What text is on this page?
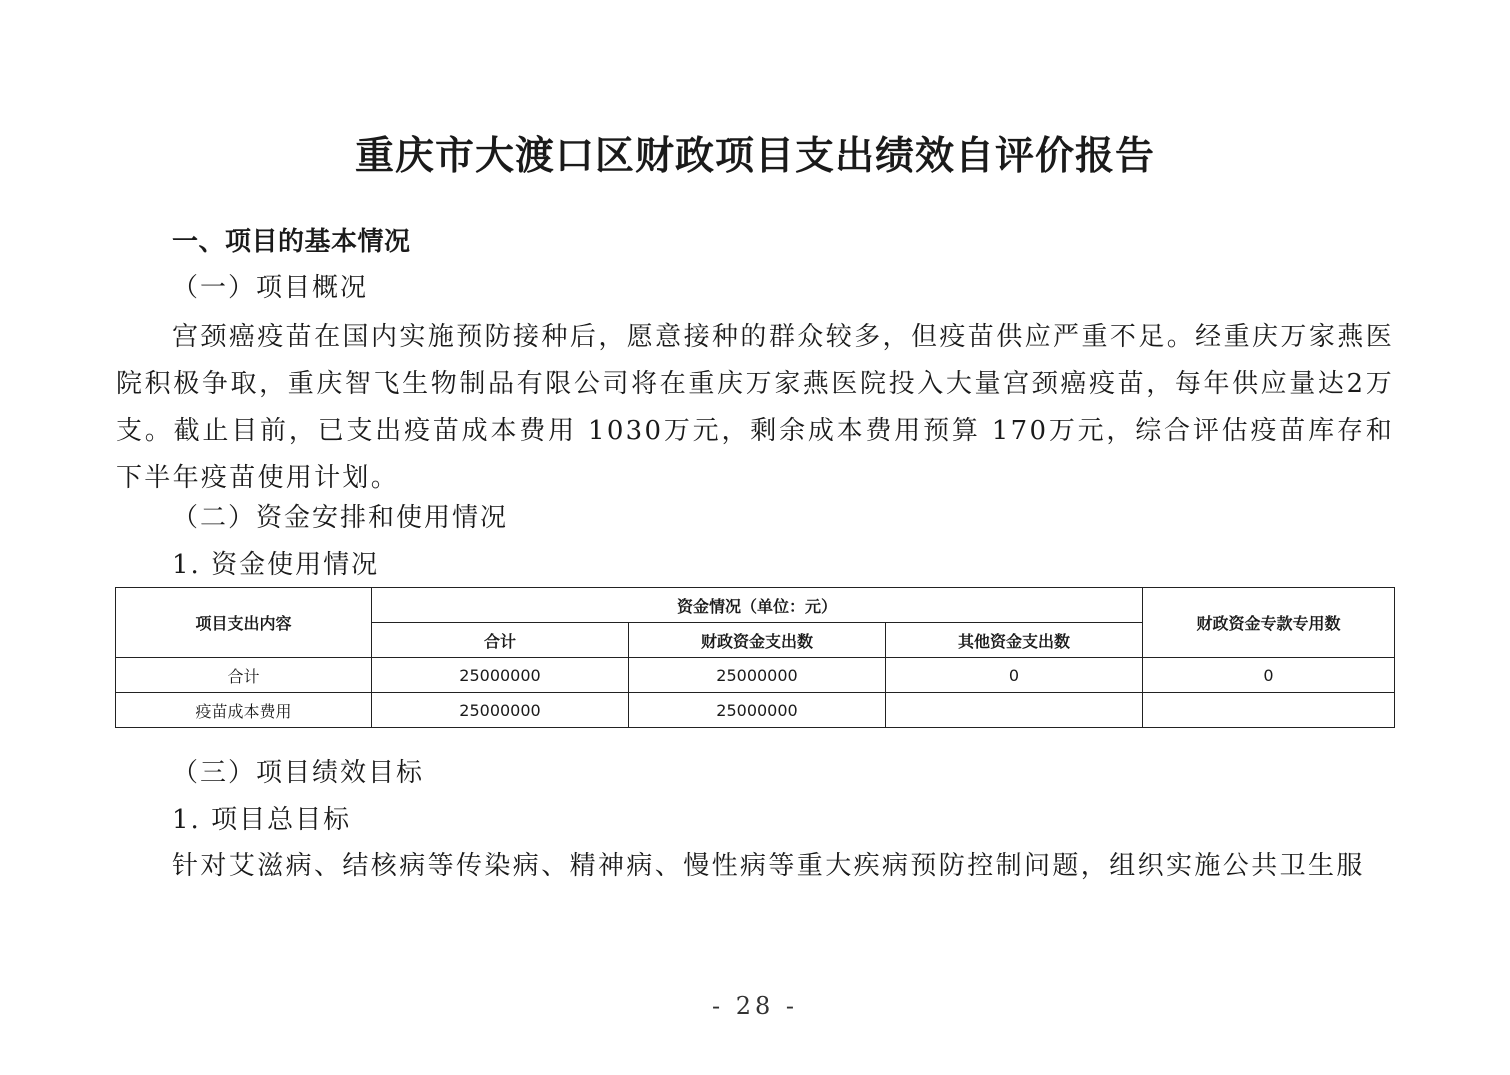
重庆市大渡口区财政项目支出绩效自评价报告
一、项目的基本情况
（一）项目概况

宫颈癌疫苗在国内实施预防接种后，愿意接种的群众较多，但疫苗供应严重不足。经重庆万家燕医院积极争取，重庆智飞生物制品有限公司将在重庆万家燕医院投入大量宫颈癌疫苗，每年供应量达2万支。截止目前，已支出疫苗成本费用 1030万元，剩余成本费用预算 170万元，综合评估疫苗库存和下半年疫苗使用计划。

（二）资金安排和使用情况
1. 资金使用情况
项目支出内容	资金情况（单位：元）			财政资金专款专用数
	合计	财政资金支出数	其他资金支出数	
合计	25000000	25000000	0	0
疫苗成本费用	25000000	25000000		
（三）项目绩效目标
1. 项目总目标
针对艾滋病、结核病等传染病、精神病、慢性病等重大疾病预防控制问题，组织实施公共卫生服
- 28 -
